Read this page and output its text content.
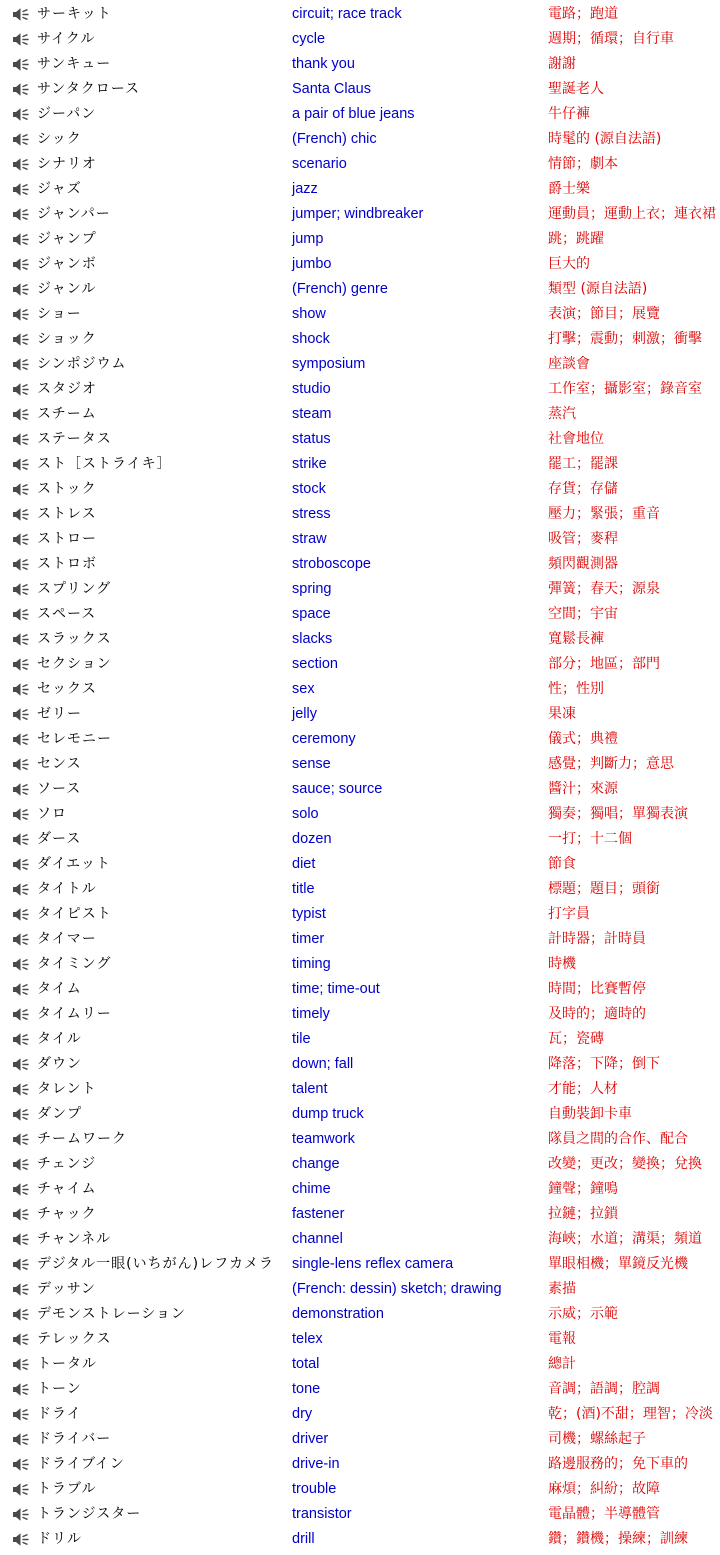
サーキット	circuit; race track	電路；跑道
サイクル	cycle	週期；循環；自行車
サンキュー	thank you	謝謝
サンタクロース	Santa Claus	聖誕老人
ジーパン	a pair of blue jeans	牛仔褲
シック	(French) chic	時髦的 (源自法語)
シナリオ	scenario	情節；劇本
ジャズ	jazz	爵士樂
ジャンパー	jumper; windbreaker	運動員；運動上衣；連衣裙
ジャンプ	jump	跳；跳躍
ジャンボ	jumbo	巨大的
ジャンル	(French) genre	類型 (源自法語)
ショー	show	表演；節目；展覽
ショック	shock	打擊；震動；刺激；衝擊
シンポジウム	symposium	座談會
スタジオ	studio	工作室；攝影室；錄音室
スチーム	steam	蒸汽
ステータス	status	社會地位
スト［ストライキ］	strike	罷工；罷課
ストック	stock	存貨；存儲
ストレス	stress	壓力；緊張；重音
ストロー	straw	吸管；麥稈
ストロボ	stroboscope	頻閃觀測器
スプリング	spring	彈簧；春天；源泉
スペース	space	空間；宇宙
スラックス	slacks	寬鬆長褲
セクション	section	部分；地區；部門
セックス	sex	性；性別
ゼリー	jelly	果凍
セレモニー	ceremony	儀式；典禮
センス	sense	感覺；判斷力；意思
ソース	sauce; source	醬汁；來源
ソロ	solo	獨奏；獨唱；單獨表演
ダース	dozen	一打；十二個
ダイエット	diet	節食
タイトル	title	標題；題目；頭銜
タイピスト	typist	打字員
タイマー	timer	計時器；計時員
タイミング	timing	時機
タイム	time; time-out	時間；比賽暫停
タイムリー	timely	及時的；適時的
タイル	tile	瓦；瓷磚
ダウン	down; fall	降落；下降；倒下
タレント	talent	才能；人材
ダンプ	dump truck	自動裝卸卡車
チームワーク	teamwork	隊員之間的合作、配合
チェンジ	change	改變；更改；變換；兌換
チャイム	chime	鐘聲；鐘鳴
チャック	fastener	拉鏈；拉鎖
チャンネル	channel	海峽；水道；溝渠；頻道
デジタル一眼(いちがん)レフカメラ single-lens reflex camera	單眼相機；單鏡反光機
デッサン	(French: dessin) sketch; drawing	素描
デモンストレーション	demonstration	示威；示範
テレックス	telex	電報
トータル	total	總計
トーン	tone	音調；語調；腔調
ドライ	dry	乾；(酒)不甜；理智；冷淡
ドライバー	driver	司機；螺絲起子
ドライブイン	drive-in	路邊服務的；免下車的
トラブル	trouble	麻煩；糾紛；故障
トランジスター	transistor	電晶體；半導體管
ドリル	drill	鑽；鑽機；操練；訓練
